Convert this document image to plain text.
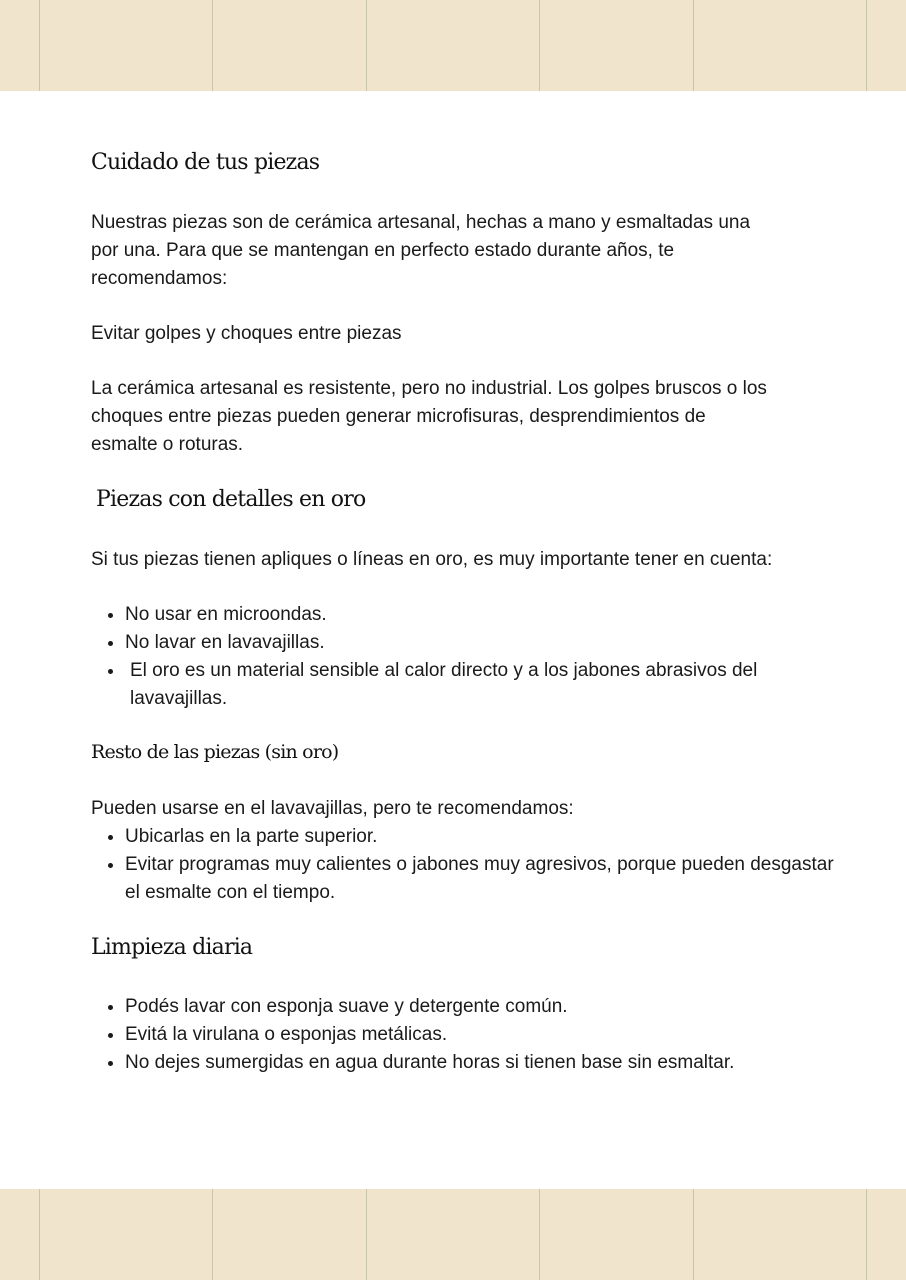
Cuidado de tus piezas
Nuestras piezas son de cerámica artesanal, hechas a mano y esmaltadas una
por una. Para que se mantengan en perfecto estado durante años, te
recomendamos:
Evitar golpes y choques entre piezas
La cerámica artesanal es resistente, pero no industrial. Los golpes bruscos o los
choques entre piezas pueden generar microfisuras, desprendimientos de
esmalte o roturas.
Piezas con detalles en oro
Si tus piezas tienen apliques o líneas en oro, es muy importante tener en cuenta:
• No usar en microondas.
• No lavar en lavavajillas.
• El oro es un material sensible al calor directo y a los jabones abrasivos del lavavajillas.
Resto de las piezas (sin oro)
Pueden usarse en el lavavajillas, pero te recomendamos:
• Ubicarlas en la parte superior.
• Evitar programas muy calientes o jabones muy agresivos, porque pueden desgastar el esmalte con el tiempo.
Limpieza diaria
• Podés lavar con esponja suave y detergente común.
• Evitá la virulana o esponjas metálicas.
• No dejes sumergidas en agua durante horas si tienen base sin esmaltar.
